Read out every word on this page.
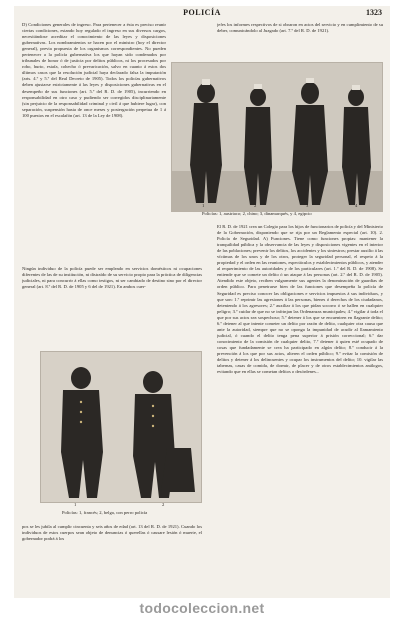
POLICÍA	1323
D) Condiciones generales de ingreso. Para pertenecer a ésta es preciso reunir ciertas condiciones, estando hoy regulado el ingreso en sus diversos cargos, necesitándose acreditar el conocimiento de las leyes y disposiciones gubernativas. Los nombramientos se hacen por el ministro (hoy el director general), previa propuesta de los organismos correspondientes. No pueden pertenecer a la policía gubernativa los que hayan sido condenados por tribunales de honor ó de justicia por delitos públicos, ni los procesados por robo, hurto, estafa, cohecho ó prevaricación, salvo en cuanto á estos dos últimos casos que la resolución judicial haya declarado falsa la imputación (arts. 4.º y 5.º del Real Decreto de 1905). Todos los policías gubernativos deben ajustarse estrictamente á las leyes y disposiciones gubernativas en el desempeño de sus funciones (art. 5.º del R. D. de 1905), incurriendo en responsabilidad en otro caso y pudiendo ser corregidos disciplinariamente (sin perjuicio de la responsabilidad criminal y civil á que hubiere lugar), con separación, suspensión hasta de once meses y postergación perpetua de 1 á 100 puestos en el escalafón (art. 13 de la Ley de 1908).
1	2	3	4
Policías: 1, austriaco; 2, chino; 3, dinamarqués, y 4, egipcio
jefes los informes respectivos de si obraron en actos del servicio y en cumplimiento de su deber, comunicándolo al Juzgado (art. 7.º del R. D. de 1921).
Ningún individuo de la policía puede ser empleado en servicios domésticos ni ocupaciones diferentes de las de su institución, ni distraído de su servicio propio para la práctica de diligencias judiciales, ni para concurrir á ellas como testigos, ni ser cambiado de destino sino por el director general (art. 8.º del R. D. de 1905 y 6 del de 1921). En ambos cuer-
1	2
Policías: 1, francés; 2, belga, con perro policía
pos se les jubila al cumplir cincuenta y seis años de edad (art. 13 del R. D. de 1921). Cuando los individuos de estos cuerpos sean objeto de denuncias ó querellas ó causare lesión ó muerte, el gobernador podrá á los
El R. D. de 1921 crea un Colegio para los hijos de funcionarios de policía y del Ministerio de la Gobernación, disponiendo que se rija por un Reglamento especial (art. 10). 2. Policía de Seguridad. A) Funciones. Tiene como funciones propias: mantener la tranquilidad pública y la observancia de las leyes y disposiciones vigentes en el interior de las poblaciones; prevenir los delitos, los accidentes y los siniestros; prestar auxilio á las víctimas de los unos y de los otros, proteger la seguridad personal, el respeto á la propiedad y el orden en las reuniones, espectáculos y establecimientos públicos, y atender al requerimiento de las autoridades y de los particulares (art. 1.º del R. D. de 1908). Se entiende que se comete un delito ó un ataque á las personas (art. 2.º del R. D. de 1905). Atendido este objeto, reciben vulgarmente sus agentes la denominación de guardias de orden público. Para penetrarse bien de las funciones que desempeña la policía de Seguridad es preciso conocer las obligaciones e servicios impuestos á sus individuos, y que son: 1.º reprimir las agresiones á las personas, bienes ó derechos de los ciudadanos, deteniendo á los agresores; 2.º auxiliar á los que pidan socorro ó se hallen en cualquier peligro; 3.º cuidar de que no se infrinjan las Ordenanzas municipales; 4.º vigilar á toda el que por sus actos sea sospechoso; 5.º detener á los que se encuentren en flagrante delito; 6.º detener al que intente cometer un delito por razón de delito, cualquier otra causa que ante la autoridad, siempre que no se oponga la impunidad de acudir al llamamiento judicial, ó cuando el delito tenga pena superior á prisión correccional; 6.º dar conocimiento de la comisión de cualquier delito, 7.º detener á quien esté ocupado de cosas que fundadamente se crea ha participado en algún delito; 8.º conducir á la prevención á los que por sus actos, alteren el orden público; 9.º evitar la comisión de delitos y detener á los delincuentes y ocupar los instrumentos del delito; 10. vigilar las tabernas, casas de comida, de dormir, de placer y de otros establecimientos análogos, evitando que en ellas se cometan delitos o desórdenes...
todocoleccion.net
